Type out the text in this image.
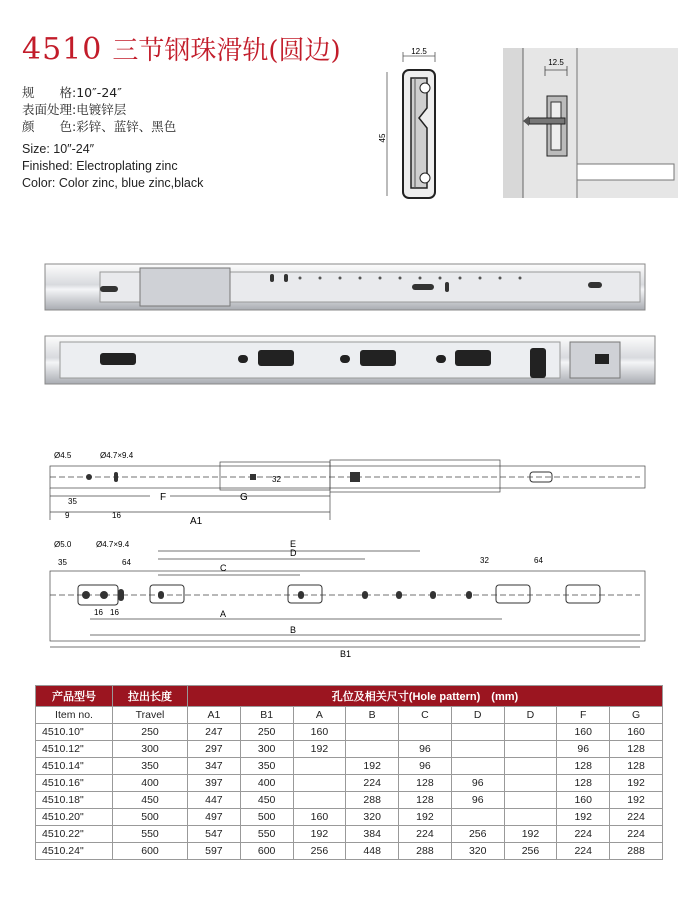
4510 三节钢珠滑轨(圆边)
规　　格:10″-24″
表面处理:电镀锌层
颜　　色:彩锌、蓝锌、黑色
Size: 10″-24″
Finished: Electroplating zinc
Color: Color zinc, blue zinc,black
12.5
45
12.5
Ø4.5	Ø4.7×9.4
35
9	16
F	G
A1
32
Ø5.0	Ø4.7×9.4
35	64
16 16
32	64
E
D
C
A
B
B1
产品型号	拉出长度	孔位及相关尺寸(Hole pattern)　(mm)								
Item no.	Travel	A1	B1	A	B	C	D	D	F	G
4510.10"	250	247	250	160					160	160
4510.12"	300	297	300	192		96			96	128
4510.14"	350	347	350		192	96			128	128
4510.16"	400	397	400		224	128	96		128	192
4510.18"	450	447	450		288	128	96		160	192
4510.20"	500	497	500	160	320	192			192	224
4510.22"	550	547	550	192	384	224	256	192	224	224
4510.24"	600	597	600	256	448	288	320	256	224	288
